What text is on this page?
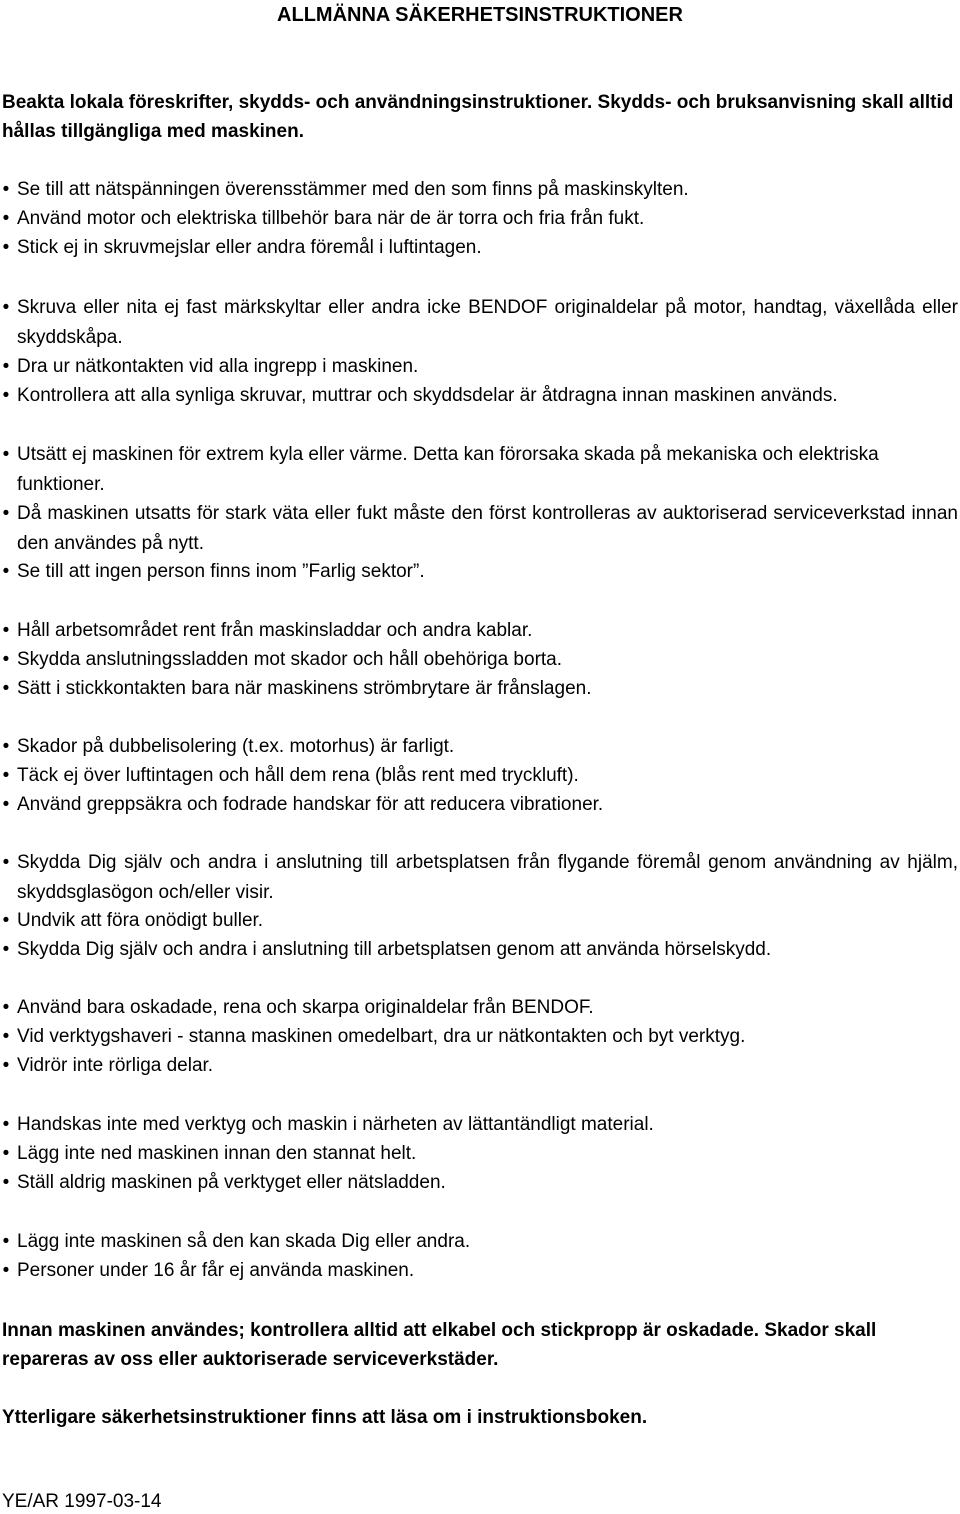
ALLMÄNNA SÄKERHETSINSTRUKTIONER
Beakta lokala föreskrifter, skydds- och användningsinstruktioner. Skydds- och bruksanvisning skall alltid hållas tillgängliga med maskinen.
• Se till att nätspänningen överensstämmer med den som finns på maskinskylten.
• Använd motor och elektriska tillbehör bara när de är torra och fria från fukt.
• Stick ej in skruvmejslar eller andra föremål i luftintagen.
• Skruva eller nita ej fast märkskyltar eller andra icke BENDOF originaldelar på motor, handtag, växellåda eller skyddskåpa.
• Dra ur nätkontakten vid alla ingrepp i maskinen.
• Kontrollera att alla synliga skruvar, muttrar och skyddsdelar är åtdragna innan maskinen används.
• Utsätt ej maskinen för extrem kyla eller värme. Detta kan förorsaka skada på mekaniska och elektriska funktioner.
• Då maskinen utsatts för stark väta eller fukt måste den först kontrolleras av auktoriserad serviceverkstad innan den användes på nytt.
• Se till att ingen person finns inom ”Farlig sektor”.
• Håll arbetsområdet rent från maskinsladdar och andra kablar.
• Skydda anslutningssladden mot skador och håll obehöriga borta.
• Sätt i stickkontakten bara när maskinens strömbrytare är frånslagen.
• Skador på dubbelisolering (t.ex. motorhus) är farligt.
• Täck ej över luftintagen och håll dem rena (blås rent med tryckluft).
• Använd greppsäkra och fodrade handskar för att reducera vibrationer.
• Skydda Dig själv och andra i anslutning till arbetsplatsen från flygande föremål genom användning av hjälm, skyddsglasögon och/eller visir.
• Undvik att föra onödigt buller.
• Skydda Dig själv och andra i anslutning till arbetsplatsen genom att använda hörselskydd.
• Använd bara oskadade, rena och skarpa originaldelar från BENDOF.
• Vid verktygshaveri - stanna maskinen omedelbart, dra ur nätkontakten och byt verktyg.
• Vidrör inte rörliga delar.
• Handskas inte med verktyg och maskin i närheten av lättantändligt material.
• Lägg inte ned maskinen innan den stannat helt.
• Ställ aldrig maskinen på verktyget eller nätsladden.
• Lägg inte maskinen så den kan skada Dig eller andra.
• Personer under 16 år får ej använda maskinen.
Innan maskinen användes; kontrollera alltid att elkabel och stickpropp är oskadade. Skador skall repareras av oss eller auktoriserade serviceverkstäder.
Ytterligare säkerhetsinstruktioner finns att läsa om i instruktionsboken.
YE/AR 1997-03-14
